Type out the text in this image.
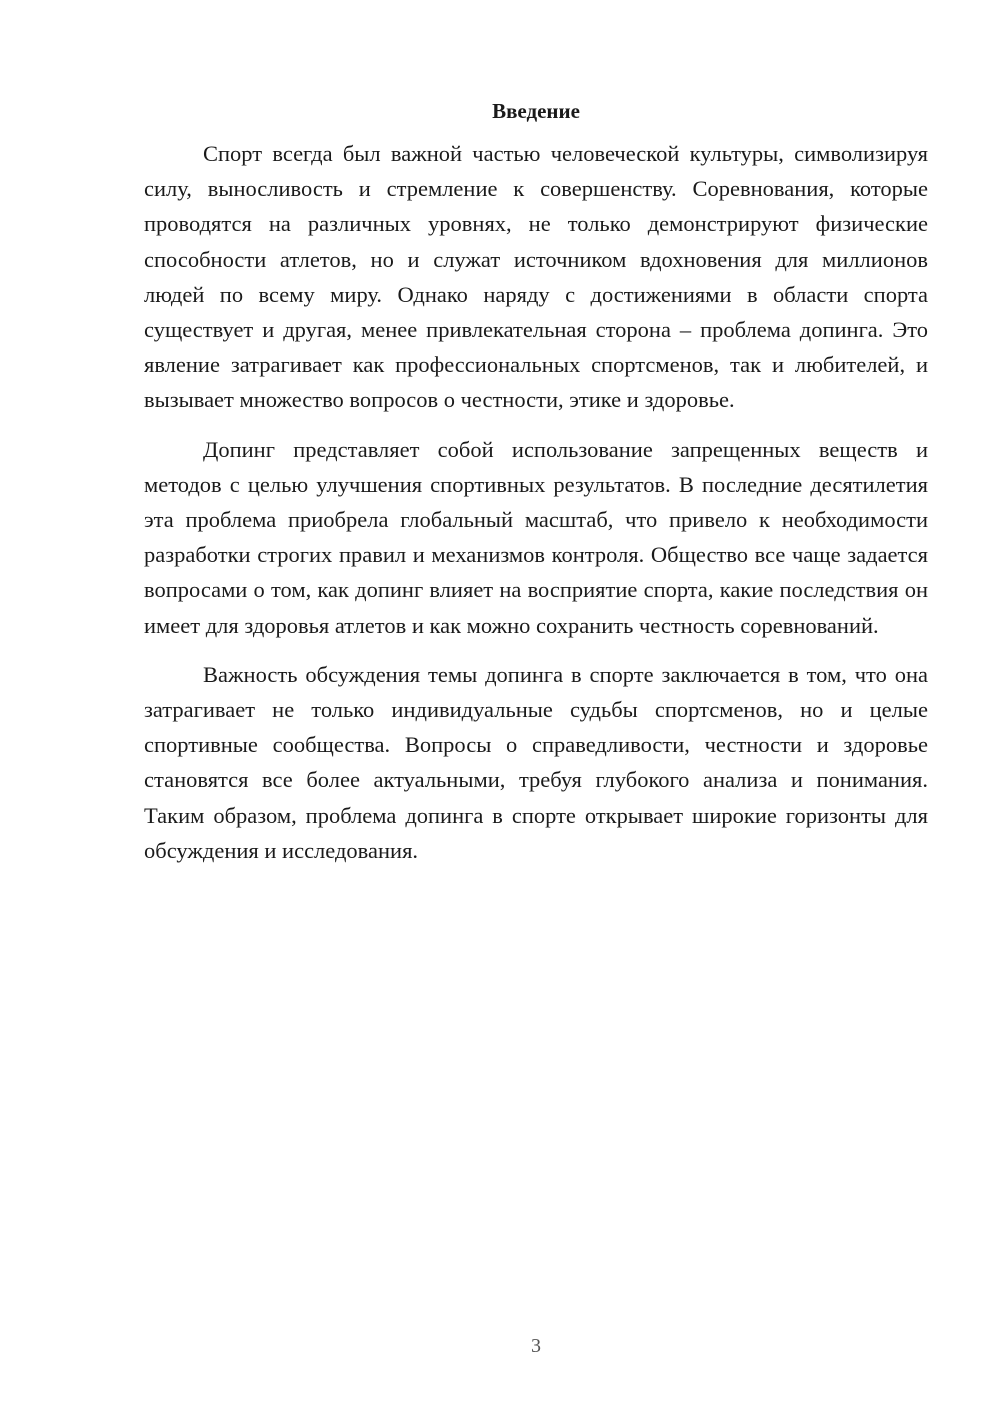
Введение

Спорт всегда был важной частью человеческой культуры, символизируя силу, выносливость и стремление к совершенству. Соревнования, которые проводятся на различных уровнях, не только демонстрируют физические способности атлетов, но и служат источником вдохновения для миллионов людей по всему миру. Однако наряду с достижениями в области спорта существует и другая, менее привлекательная сторона – проблема допинга. Это явление затрагивает как профессиональных спортсменов, так и любителей, и вызывает множество вопросов о честности, этике и здоровье.

Допинг представляет собой использование запрещенных веществ и методов с целью улучшения спортивных результатов. В последние десятилетия эта проблема приобрела глобальный масштаб, что привело к необходимости разработки строгих правил и механизмов контроля. Общество все чаще задается вопросами о том, как допинг влияет на восприятие спорта, какие последствия он имеет для здоровья атлетов и как можно сохранить честность соревнований.

Важность обсуждения темы допинга в спорте заключается в том, что она затрагивает не только индивидуальные судьбы спортсменов, но и целые спортивные сообщества. Вопросы о справедливости, честности и здоровье становятся все более актуальными, требуя глубокого анализа и понимания. Таким образом, проблема допинга в спорте открывает широкие горизонты для обсуждения и исследования.

3
